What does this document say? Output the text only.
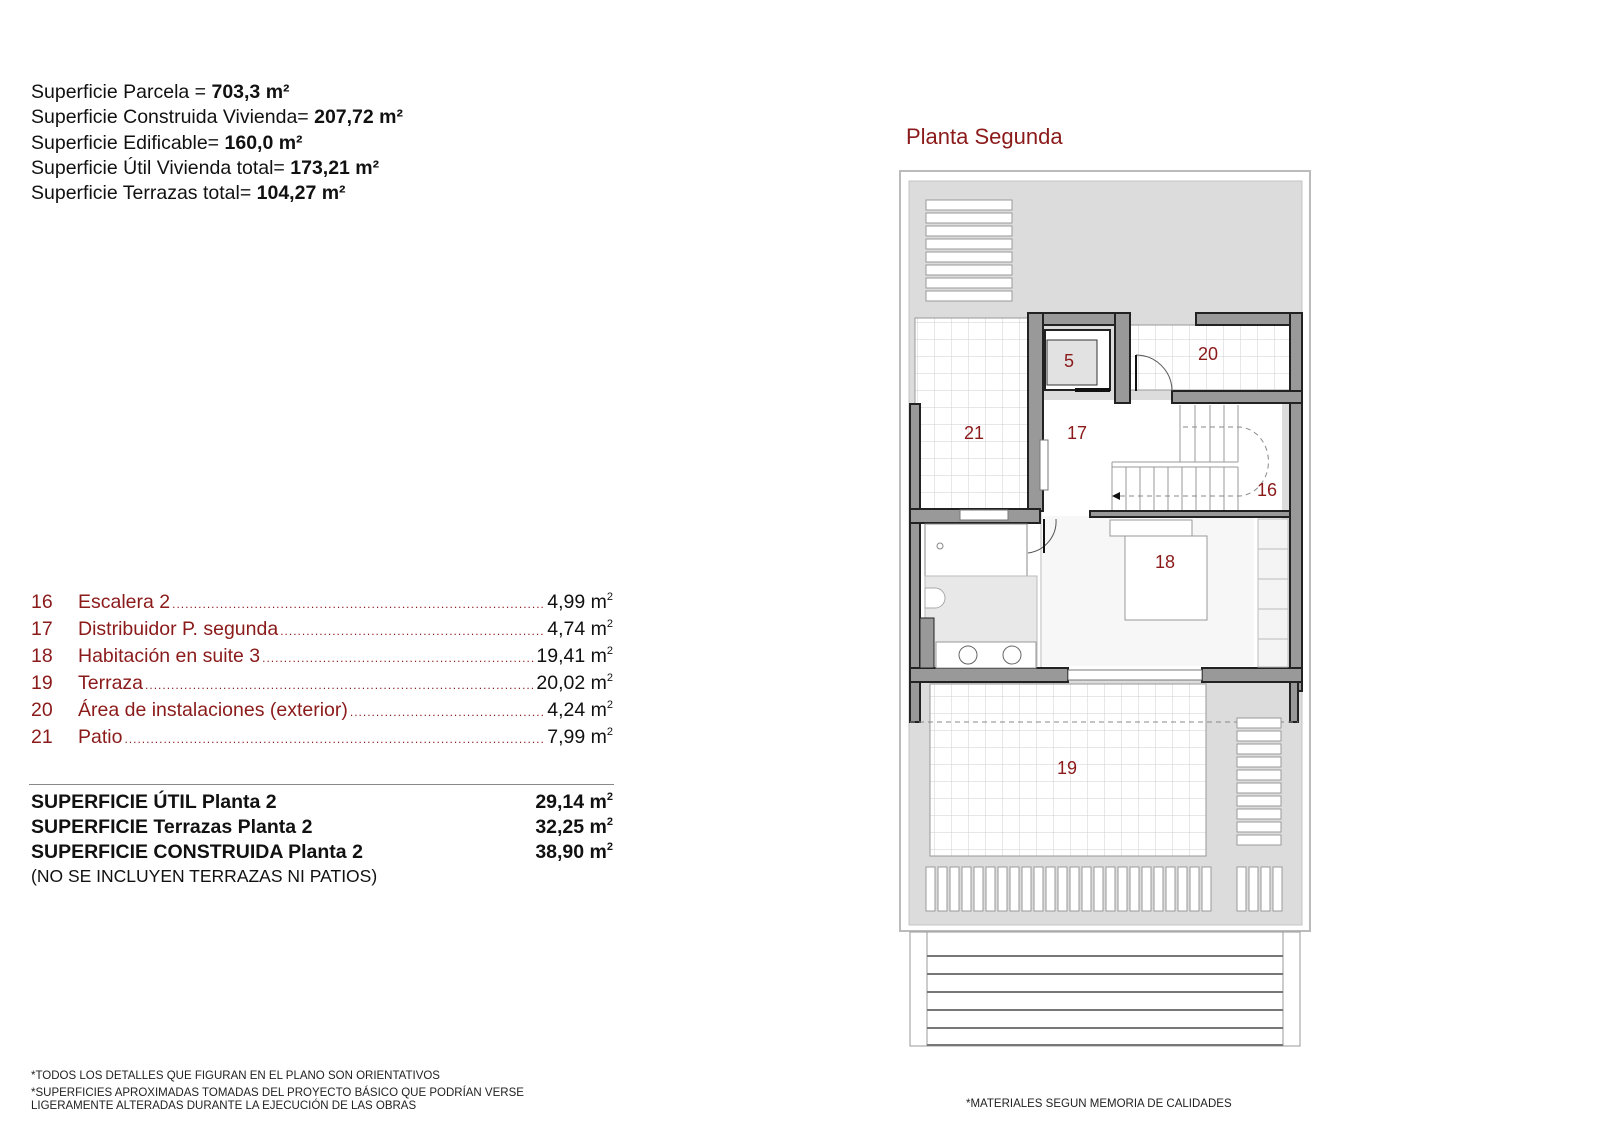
Superficie Parcela = 703,3 m²
Superficie Construida Vivienda= 207,72 m²
Superficie Edificable= 160,0 m²
Superficie Útil Vivienda total= 173,21 m²
Superficie Terrazas total= 104,27 m²
16	Escalera 2 .....	4,99 $m^2$
17	Distribuidor P. segunda .....	4,74 $m^2$
18	Habitación en suite 3 .....	19,41 $m^2$
19	Terraza .....	20,02 $m^2$
20	Área de instalaciones (exterior) .....	4,24 $m^2$
21	Patio .....	7,99 $m^2$
SUPERFICIE ÚTIL Planta 2	29,14 $m^2$
SUPERFICIE Terrazas Planta 2	32,25 $m^2$
SUPERFICIE CONSTRUIDA Planta 2	38,90 $m^2$
(NO SE INCLUYEN TERRAZAS NI PATIOS)
*TODOS LOS DETALLES QUE FIGURAN EN EL PLANO SON ORIENTATIVOS
*SUPERFICIES APROXIMADAS TOMADAS DEL PROYECTO BÁSICO QUE PODRÍAN VERSE
LIGERAMENTE ALTERADAS DURANTE LA EJECUCIÓN DE LAS OBRAS	*MATERIALES SEGUN MEMORIA DE CALIDADES
Planta Segunda
5	20
21	17
16
18
19
